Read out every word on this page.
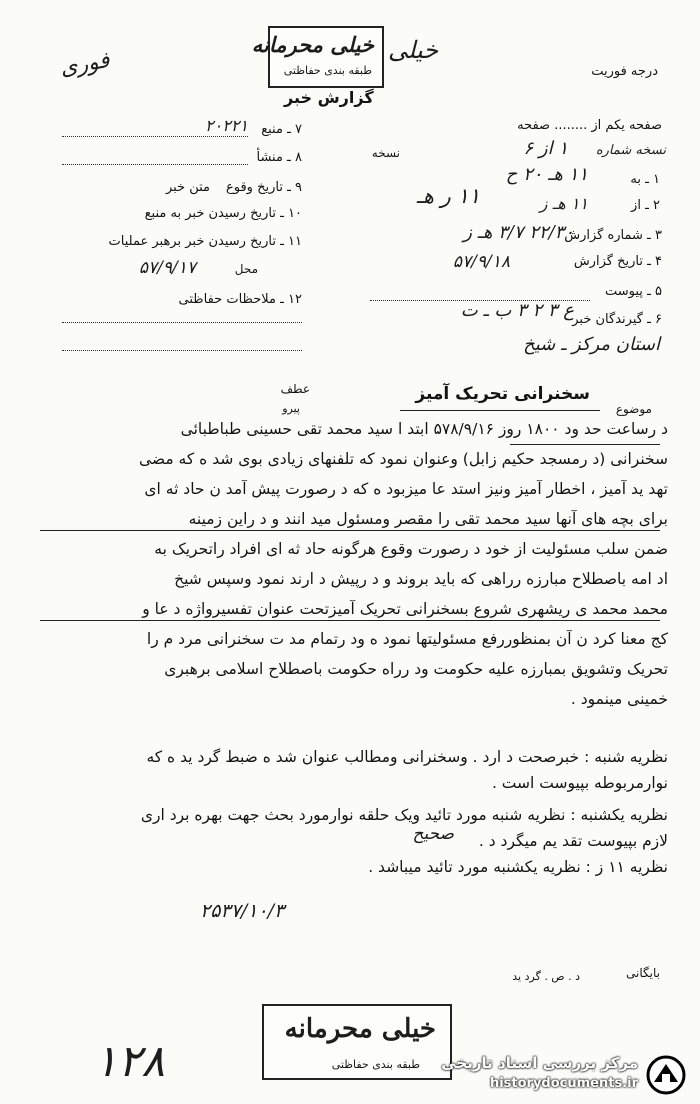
خیلی محرمانه
طبقه بندی حفاظتی
خیلی
درجه فوریت
فوری
گزارش خبر
صفحه یکم از ........ صفحه
نسخه شماره
۱ از ۶
نسخه
۱ ـ به
۱۱ هـ ۲۰ ح
۲ ـ از
۱۱ هـ ز
۱۱ ر هـ
۳ ـ شماره گزارش
۲۲/۳۰ ۳/۷ هـ ز
۴ ـ تاریخ گزارش
۵۷/۹/۱۸
۵ ـ پیوست
۶ ـ گیرندگان خبر
ع ۳ ۲ ۳ ب ـ ت
استان مرکز ـ شیخ
۷ ـ منبع
۲۰۲۲۱
۸ ـ منشأ
۹ ـ تاریخ وقوع
متن خبر
۱۰ ـ تاریخ رسیدن خبر به منبع
۱۱ ـ تاریخ رسیدن خبر برهبر عملیات
محل
۵۷/۹/۱۷
۱۲ ـ ملاحظات حفاظتی
موضوع
سخنرانی تحریک آمیز
عطف
پیرو
د رساعت حد ود ۱۸۰۰ روز ۵۷۸/۹/۱۶ ابتد ا سید محمد تقی حسینی طباطبائی
سخنرانی (د رمسجد حکیم زابل) وعنوان نمود که تلفنهای زیادی بوی شد ه که مضی
تهد ید آمیز ، اخطار آمیز ونیز استد عا میزبود ه که د رصورت پیش آمد ن حاد ثه ای
برای بچه های آنها سید محمد تقی را مقصر ومسئول مید انند و د راین زمینه
ضمن سلب مسئولیت از خود د رصورت وقوع هرگونه حاد ثه ای افراد راتحریک به
اد امه باصطلاح مبارزه رراهی که باید بروند و د رپیش د ارند نمود وسپس شیخ
محمد محمد ی ریشهری شروع بسخنرانی تحریک آمیزتحت عنوان تفسیرواژه د عا و
کج معنا کرد ن آن بمنظوررفع مسئولیتها نمود ه ود رتمام مد ت سخنرانی مرد م را
تحریک وتشویق بمبارزه علیه حکومت ود رراه حکومت باصطلاح اسلامی برهبری
خمینی مینمود .
نظریه شنبه : خبرصحت د ارد . وسخنرانی ومطالب عنوان شد ه ضبط گرد ید ه که
نوارمربوطه بپیوست است .
نظریه یکشنبه : نظریه شنبه مورد تائید ویک حلقه نوارمورد بحث جهت بهره برد اری
لازم بپیوست تقد یم میگرد د .
صحیح
نظریه ۱۱ ز : نظریه یکشنبه مورد تائید میباشد .
۲۵۳۷/۱۰/۳
بایگانی
د . ص . گرد ید
خیلی محرمانه
طبقه بندی حفاظتی
۱۲۸	مرکز بررسی اسناد تاریخی
historydocuments.ir
